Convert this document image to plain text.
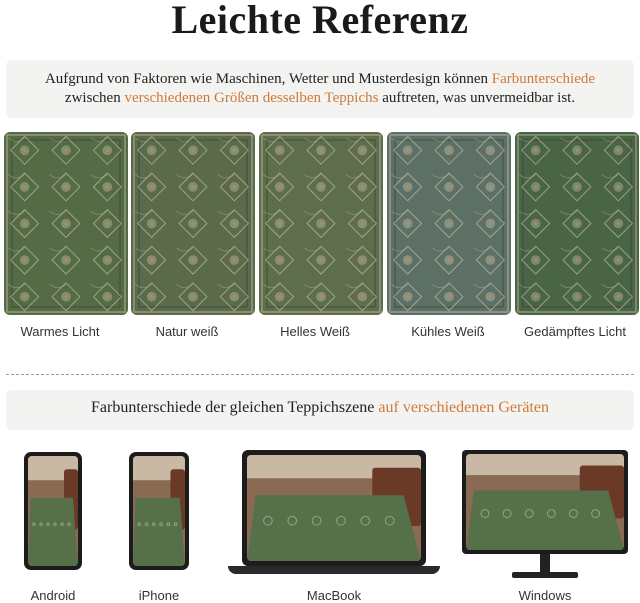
Leichte Referenz

Aufgrund von Faktoren wie Maschinen, Wetter und Musterdesign können Farbunterschiede
zwischen verschiedenen Größen desselben Teppichs auftreten, was unvermeidbar ist.

Warmes Licht	Natur weiß	Helles Weiß	Kühles Weiß	Gedämpftes Licht

Farbunterschiede der gleichen Teppichszene auf verschiedenen Geräten

Android	iPhone	MacBook	Windows
